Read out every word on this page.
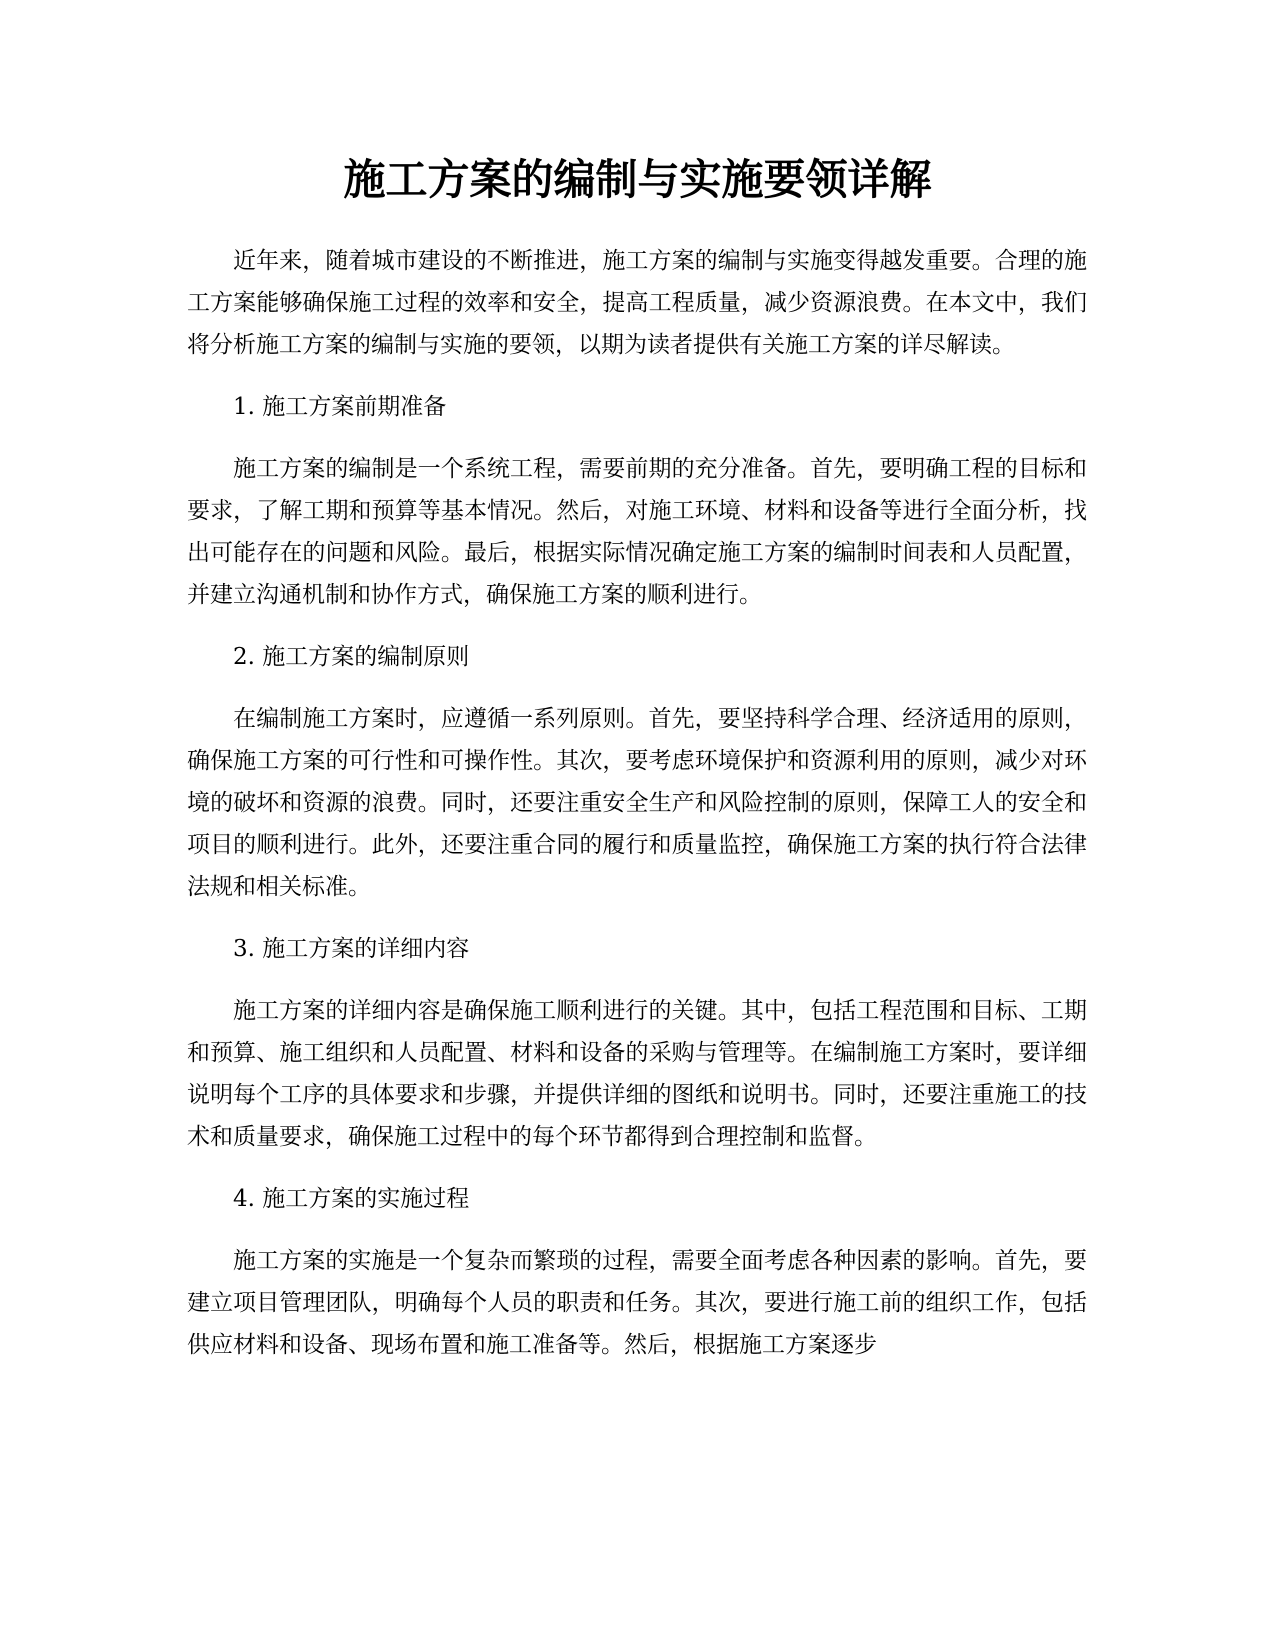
施工方案的编制与实施要领详解

近年来，随着城市建设的不断推进，施工方案的编制与实施变得越发重要。合理的施工方案能够确保施工过程的效率和安全，提高工程质量，减少资源浪费。在本文中，我们将分析施工方案的编制与实施的要领，以期为读者提供有关施工方案的详尽解读。

1. 施工方案前期准备

施工方案的编制是一个系统工程，需要前期的充分准备。首先，要明确工程的目标和要求，了解工期和预算等基本情况。然后，对施工环境、材料和设备等进行全面分析，找出可能存在的问题和风险。最后，根据实际情况确定施工方案的编制时间表和人员配置，并建立沟通机制和协作方式，确保施工方案的顺利进行。

2. 施工方案的编制原则

在编制施工方案时，应遵循一系列原则。首先，要坚持科学合理、经济适用的原则，确保施工方案的可行性和可操作性。其次，要考虑环境保护和资源利用的原则，减少对环境的破坏和资源的浪费。同时，还要注重安全生产和风险控制的原则，保障工人的安全和项目的顺利进行。此外，还要注重合同的履行和质量监控，确保施工方案的执行符合法律法规和相关标准。

3. 施工方案的详细内容

施工方案的详细内容是确保施工顺利进行的关键。其中，包括工程范围和目标、工期和预算、施工组织和人员配置、材料和设备的采购与管理等。在编制施工方案时，要详细说明每个工序的具体要求和步骤，并提供详细的图纸和说明书。同时，还要注重施工的技术和质量要求，确保施工过程中的每个环节都得到合理控制和监督。

4. 施工方案的实施过程

施工方案的实施是一个复杂而繁琐的过程，需要全面考虑各种因素的影响。首先，要建立项目管理团队，明确每个人员的职责和任务。其次，要进行施工前的组织工作，包括供应材料和设备、现场布置和施工准备等。然后，根据施工方案逐步
